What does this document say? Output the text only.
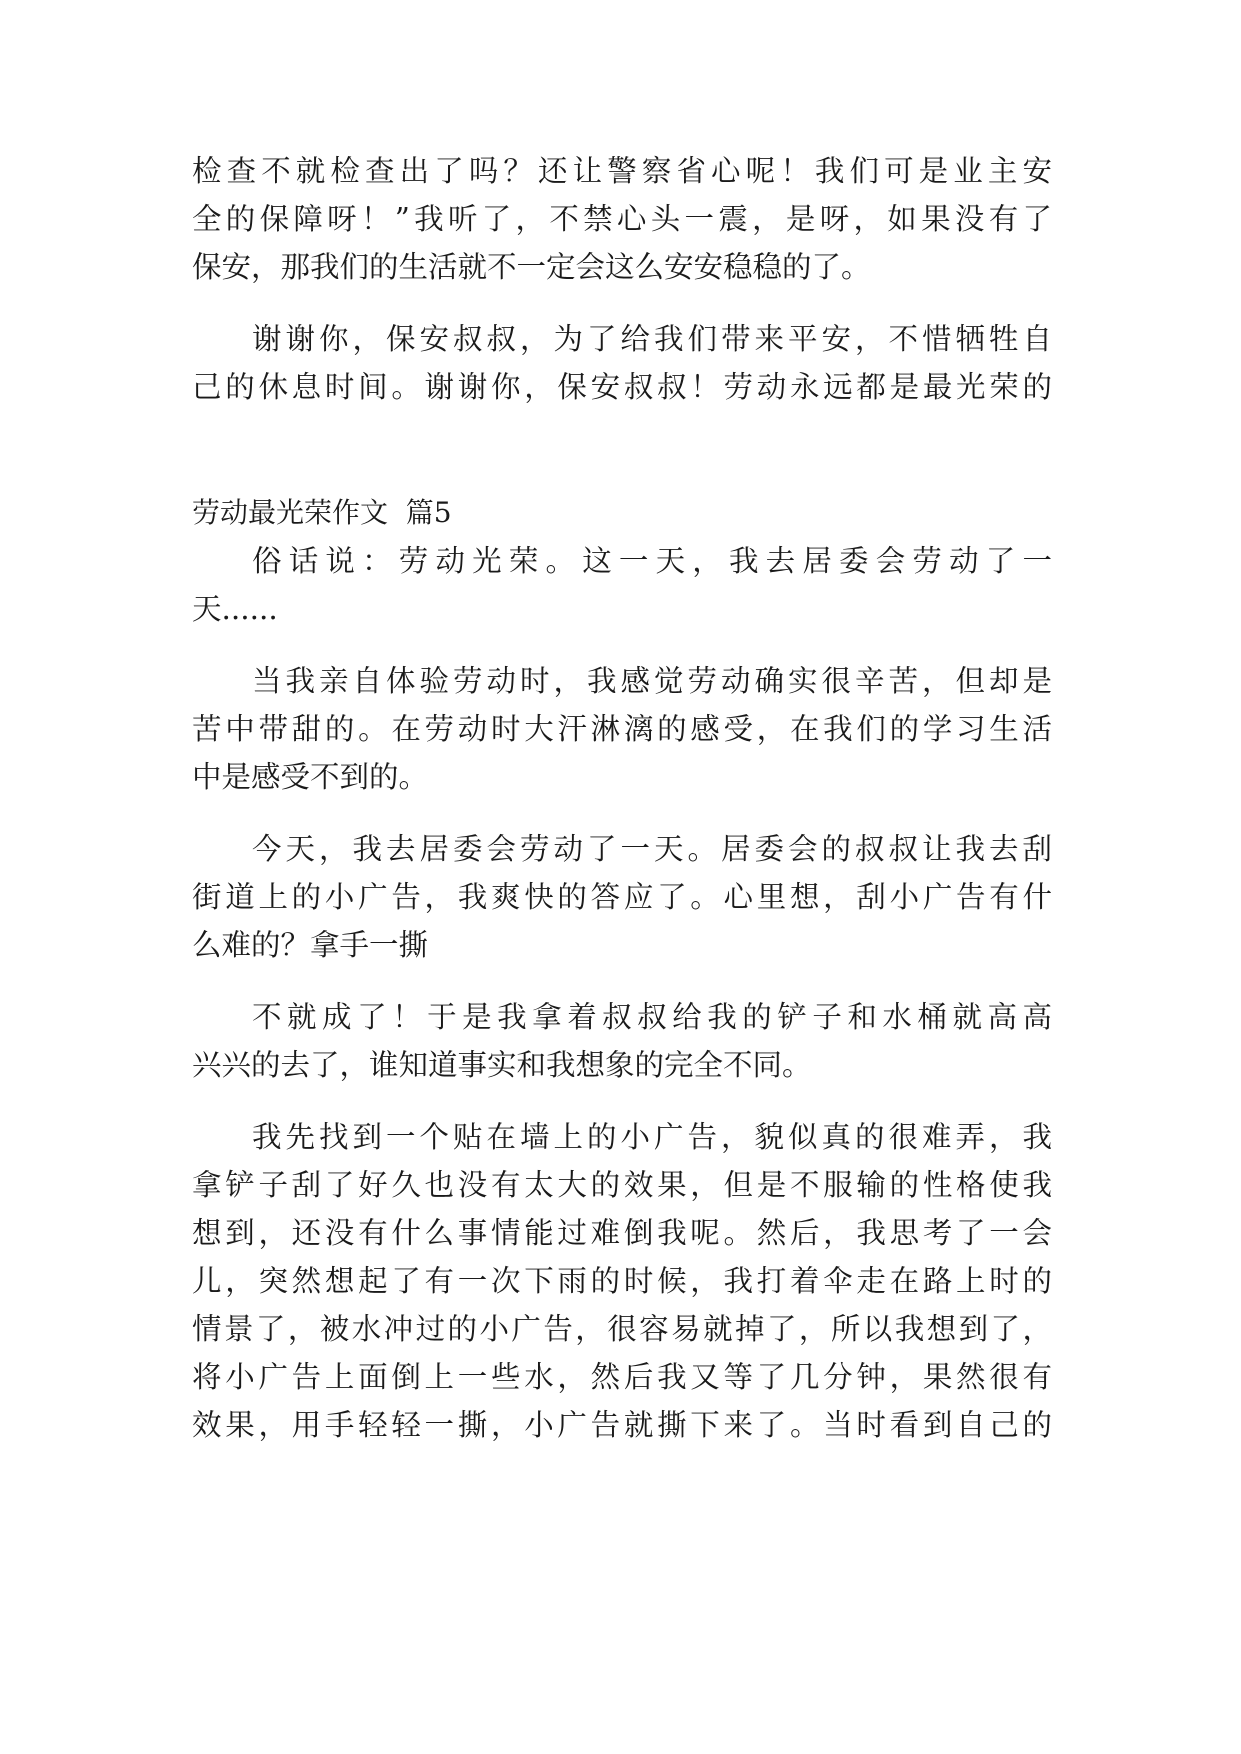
检查不就检查出了吗？还让警察省心呢！我们可是业主安
全的保障呀！”我听了，不禁心头一震，是呀，如果没有了
保安，那我们的生活就不一定会这么安安稳稳的了。
谢谢你，保安叔叔，为了给我们带来平安，不惜牺牲自
己的休息时间。谢谢你，保安叔叔！劳动永远都是最光荣的
劳动最光荣作文  篇5
俗话说：劳动光荣。这一天，我去居委会劳动了一
天......
当我亲自体验劳动时，我感觉劳动确实很辛苦，但却是
苦中带甜的。在劳动时大汗淋漓的感受，在我们的学习生活
中是感受不到的。
今天，我去居委会劳动了一天。居委会的叔叔让我去刮
街道上的小广告，我爽快的答应了。心里想，刮小广告有什
么难的？拿手一撕
不就成了！于是我拿着叔叔给我的铲子和水桶就高高
兴兴的去了，谁知道事实和我想象的完全不同。
我先找到一个贴在墙上的小广告，貌似真的很难弄，我
拿铲子刮了好久也没有太大的效果，但是不服输的性格使我
想到，还没有什么事情能过难倒我呢。然后，我思考了一会
儿，突然想起了有一次下雨的时候，我打着伞走在路上时的
情景了，被水冲过的小广告，很容易就掉了，所以我想到了，
将小广告上面倒上一些水，然后我又等了几分钟，果然很有
效果，用手轻轻一撕，小广告就撕下来了。当时看到自己的
